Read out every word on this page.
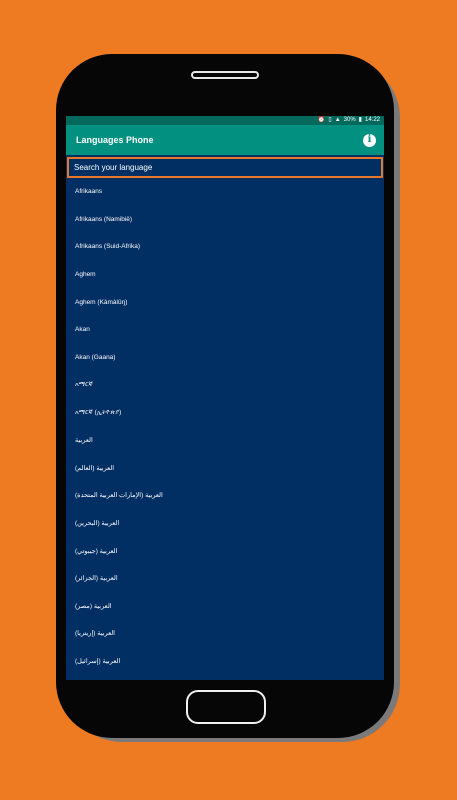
⏰ ▯ ▲ 30% ▮ 14:22
Languages Phone	i
Search your language
Afrikaans
Afrikaans (Namibië)
Afrikaans (Suid-Afrika)
Aghem
Aghem (Kàmàlûŋ)
Akan
Akan (Gaana)
አማርኛ
አማርኛ (ኢትዮጵያ)
العربية
العربية (العالم)
العربية (الإمارات العربية المتحدة)
العربية (البحرين)
العربية (جيبوتي)
العربية (الجزائر)
العربية (مصر)
العربية (إريتريا)
العربية (إسرائيل)
